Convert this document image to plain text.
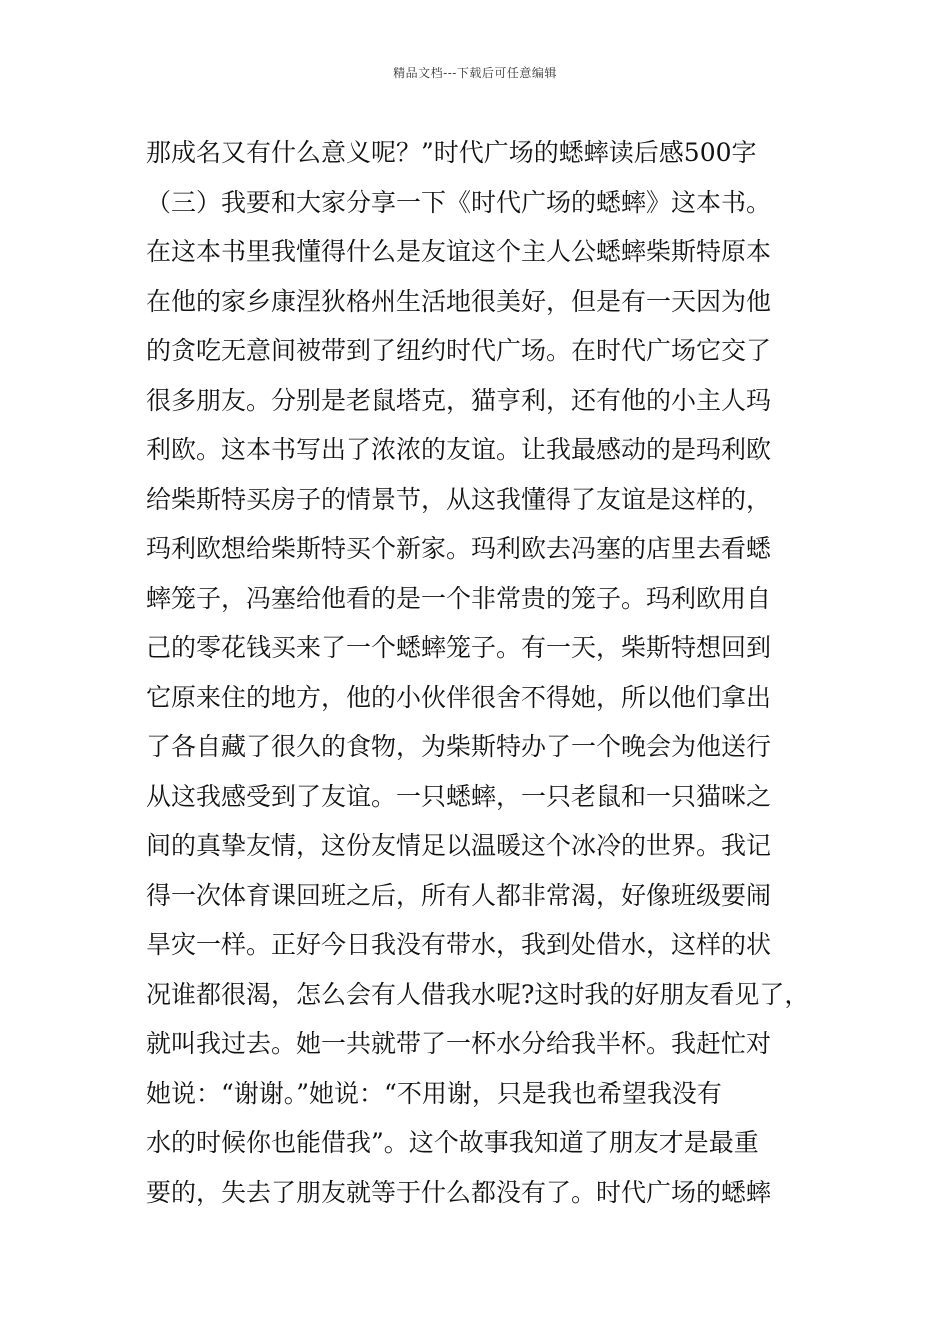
精品文档---下载后可任意编辑
那成名又有什么意义呢？”时代广场的蟋蟀读后感500字
（三）我要和大家分享一下《时代广场的蟋蟀》这本书。
在这本书里我懂得什么是友谊这个主人公蟋蟀柴斯特原本
在他的家乡康涅狄格州生活地很美好，但是有一天因为他
的贪吃无意间被带到了纽约时代广场。在时代广场它交了
很多朋友。分别是老鼠塔克，猫亨利，还有他的小主人玛
利欧。这本书写出了浓浓的友谊。让我最感动的是玛利欧
给柴斯特买房子的情景节，从这我懂得了友谊是这样的，
玛利欧想给柴斯特买个新家。玛利欧去冯塞的店里去看蟋
蟀笼子，冯塞给他看的是一个非常贵的笼子。玛利欧用自
己的零花钱买来了一个蟋蟀笼子。有一天，柴斯特想回到
它原来住的地方，他的小伙伴很舍不得她，所以他们拿出
了各自藏了很久的食物，为柴斯特办了一个晚会为他送行
从这我感受到了友谊。一只蟋蟀，一只老鼠和一只猫咪之
间的真挚友情，这份友情足以温暖这个冰冷的世界。我记
得一次体育课回班之后，所有人都非常渴，好像班级要闹
旱灾一样。正好今日我没有带水，我到处借水，这样的状
况谁都很渴，怎么会有人借我水呢?这时我的好朋友看见了，
就叫我过去。她一共就带了一杯水分给我半杯。我赶忙对
她说：“谢谢。”她说：“不用谢，只是我也希望我没有
水的时候你也能借我”。这个故事我知道了朋友才是最重
要的，失去了朋友就等于什么都没有了。时代广场的蟋蟀
